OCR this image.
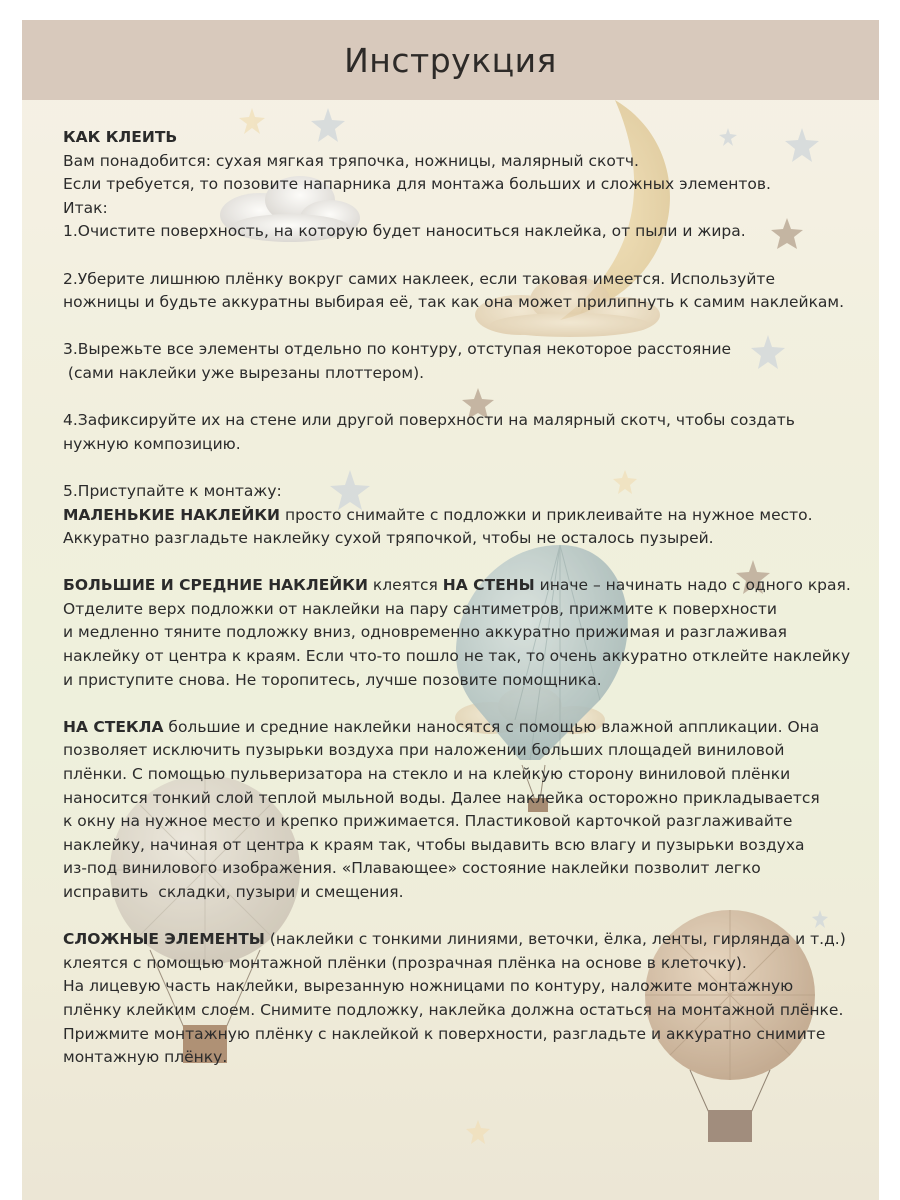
Инструкция

КАК КЛЕИТЬ
Вам понадобится: сухая мягкая тряпочка, ножницы, малярный скотч.
Если требуется, то позовите напарника для монтажа больших и сложных элементов.
Итак:
1.Очистите поверхность, на которую будет наноситься наклейка, от пыли и жира.

2.Уберите лишнюю плёнку вокруг самих наклеек, если таковая имеется. Используйте
ножницы и будьте аккуратны выбирая её, так как она может прилипнуть к самим наклейкам.

3.Вырежьте все элементы отдельно по контуру, отступая некоторое расстояние
(сами наклейки уже вырезаны плоттером).

4.Зафиксируйте их на стене или другой поверхности на малярный скотч, чтобы создать
нужную композицию.

5.Приступайте к монтажу:
МАЛЕНЬКИЕ НАКЛЕЙКИ просто снимайте с подложки и приклеивайте на нужное место.
Аккуратно разгладьте наклейку сухой тряпочкой, чтобы не осталось пузырей.

БОЛЬШИЕ И СРЕДНИЕ НАКЛЕЙКИ клеятся НА СТЕНЫ иначе – начинать надо с одного края.
Отделите верх подложки от наклейки на пару сантиметров, прижмите к поверхности
и медленно тяните подложку вниз, одновременно аккуратно прижимая и разглаживая
наклейку от центра к краям. Если что-то пошло не так, то очень аккуратно отклейте наклейку
и приступите снова. Не торопитесь, лучше позовите помощника.

НА СТЕКЛА большие и средние наклейки наносятся с помощью влажной аппликации. Она
позволяет исключить пузырьки воздуха при наложении больших площадей виниловой
плёнки. С помощью пульверизатора на стекло и на клейкую сторону виниловой плёнки
наносится тонкий слой теплой мыльной воды. Далее наклейка осторожно прикладывается
к окну на нужное место и крепко прижимается. Пластиковой карточкой разглаживайте
наклейку, начиная от центра к краям так, чтобы выдавить всю влагу и пузырьки воздуха
из-под винилового изображения. «Плавающее» состояние наклейки позволит легко
исправить  складки, пузыри и смещения.

СЛОЖНЫЕ ЭЛЕМЕНТЫ (наклейки с тонкими линиями, веточки, ёлка, ленты, гирлянда и т.д.)
клеятся с помощью монтажной плёнки (прозрачная плёнка на основе в клеточку).
На лицевую часть наклейки, вырезанную ножницами по контуру, наложите монтажную
плёнку клейким слоем. Снимите подложку, наклейка должна остаться на монтажной плёнке.
Прижмите монтажную плёнку с наклейкой к поверхности, разгладьте и аккуратно снимите
монтажную плёнку.
